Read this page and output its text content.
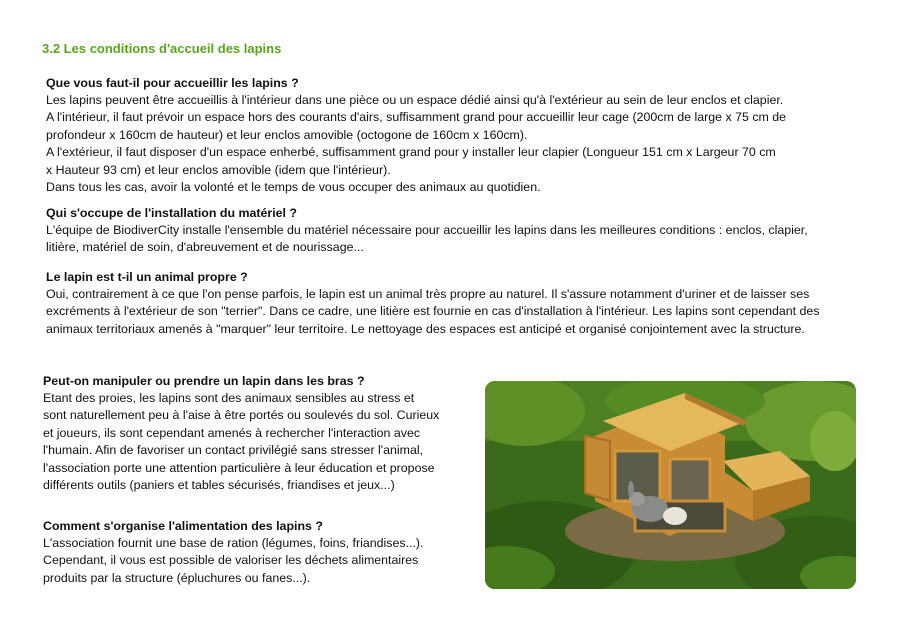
3.2 Les conditions d'accueil des lapins

Que vous faut-il pour accueillir les lapins ?

Les lapins peuvent être accueillis à l'intérieur dans une pièce ou un espace dédié ainsi qu'à l'extérieur au sein de leur enclos et clapier.

A l'intérieur, il faut prévoir un espace hors des courants d'airs, suffisamment grand pour accueillir leur cage (200cm de large x 75 cm de

profondeur x 160cm de hauteur) et leur enclos amovible (octogone de 160cm x 160cm).

A l'extérieur, il faut disposer d'un espace enherbé, suffisamment grand pour y installer leur clapier (Longueur 151 cm x Largeur 70 cm

x Hauteur 93 cm) et leur enclos amovible (idem que l'intérieur).

Dans tous les cas, avoir la volonté et le temps de vous occuper des animaux au quotidien.

Qui s'occupe de l'installation du matériel ?

L'équipe de BiodiverCity installe l'ensemble du matériel nécessaire pour accueillir les lapins dans les meilleures conditions : enclos, clapier,

litière, matériel de soin, d'abreuvement et de nourissage...

Le lapin est t-il un animal propre ?

Oui, contrairement à ce que l'on pense parfois, le lapin est un animal très propre au naturel. Il s'assure notamment d'uriner et de laisser ses

excréments à l'extérieur de son "terrier". Dans ce cadre, une litière est fournie en cas d'installation à l'intérieur. Les lapins sont cependant des

animaux territoriaux amenés à "marquer" leur territoire. Le nettoyage des espaces est anticipé et organisé conjointement avec la structure.

Peut-on manipuler ou prendre un lapin dans les bras ?

Etant des proies, les lapins sont des animaux sensibles au stress et

sont naturellement peu à l'aise à être portés ou soulevés du sol. Curieux

et joueurs, ils sont cependant amenés à rechercher l'interaction avec

l'humain. Afin de favoriser un contact privilégié sans stresser l'animal,

l'association porte une attention particulière à leur éducation et propose

différents outils (paniers et tables sécurisés, friandises et jeux...)

Comment s'organise l'alimentation des lapins ?

L'association fournit une base de ration (légumes, foins, friandises...).

Cependant, il vous est possible de valoriser les déchets alimentaires

produits par la structure (épluchures ou fanes...).
